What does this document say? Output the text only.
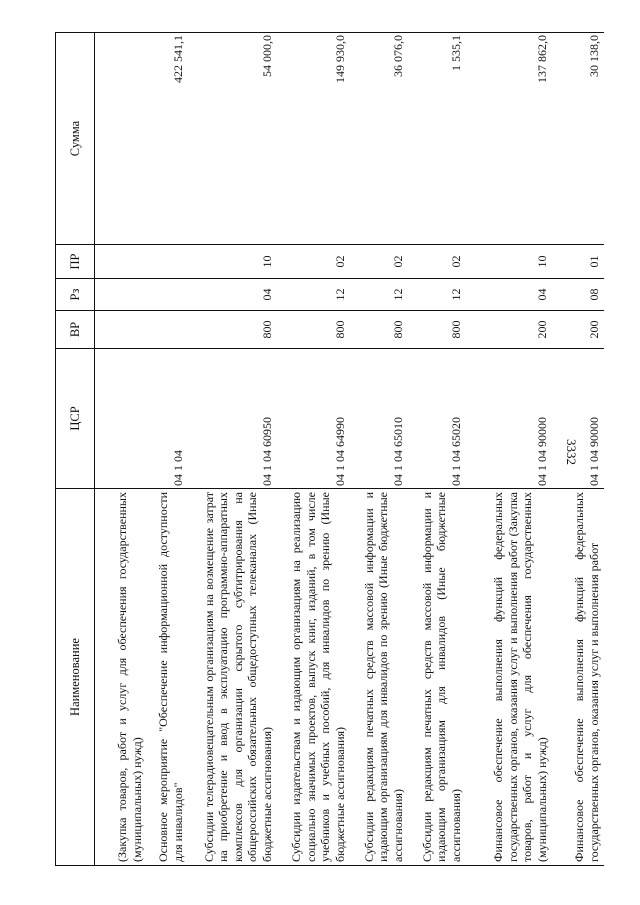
3332
Наименование	ЦСР	ВР	Рз	ПР	Сумма
(Закупка товаров, работ и услуг для обеспечения государственных (муниципальных) нужд)					
Основное мероприятие "Обеспечение информационной доступности для инвалидов"	04 1 04				422 541,1
Субсидии телерадиовещательным организациям на возмещение затрат на приобретение и ввод в эксплуатацию программно-аппаратных комплексов для организации скрытого субтитрирования на общероссийских обязательных общедоступных телеканалах (Иные бюджетные ассигнования)	04 1 04 60950	800	04	10	54 000,0
Субсидии издательствам и издающим организациям на реализацию социально значимых проектов, выпуск книг, изданий, в том числе учебников и учебных пособий, для инвалидов по зрению (Иные бюджетные ассигнования)	04 1 04 64990	800	12	02	149 930,0
Субсидии редакциям печатных средств массовой информации и издающим организациям для инвалидов по зрению (Иные бюджетные ассигнования)	04 1 04 65010	800	12	02	36 076,0
Субсидии редакциям печатных средств массовой информации и издающим организациям для инвалидов (Иные бюджетные ассигнования)	04 1 04 65020	800	12	02	1 535,1
Финансовое обеспечение выполнения функций федеральных государственных органов, оказания услуг и выполнения работ (Закупка товаров, работ и услуг для обеспечения государственных (муниципальных) нужд)	04 1 04 90000	200	04	10	137 862,0
Финансовое обеспечение выполнения функций федеральных государственных органов, оказания услуг и выполнения работ	04 1 04 90000	200	08	01	30 138,0
